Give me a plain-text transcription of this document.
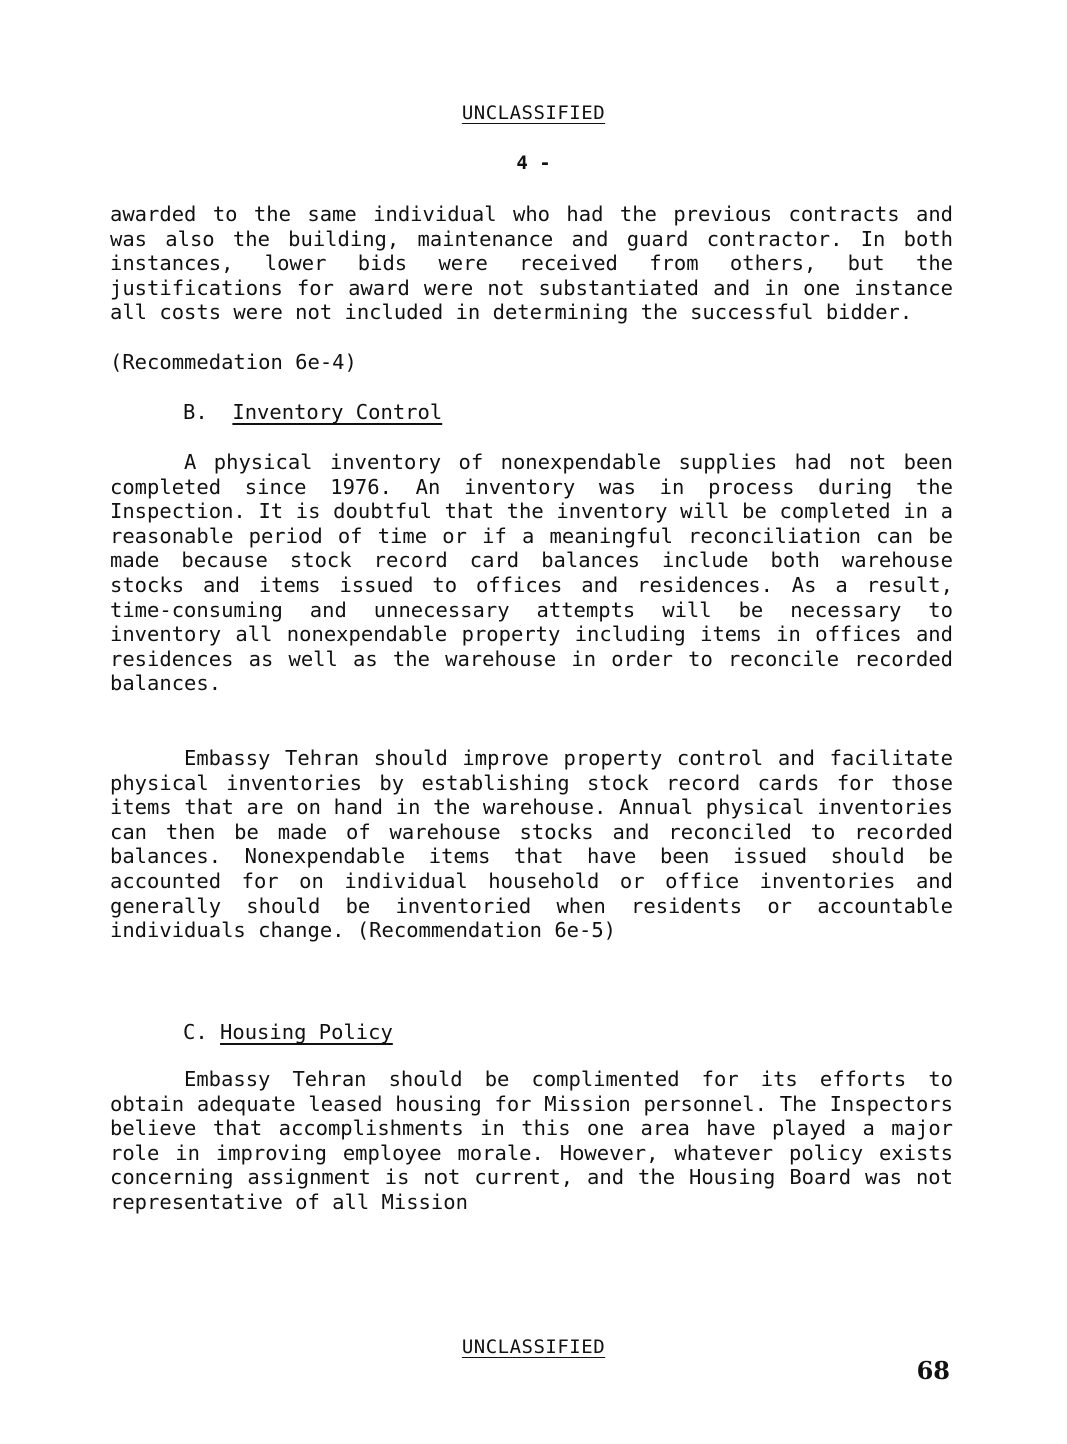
UNCLASSIFIED
4 -

awarded to the same individual who had the previous contracts and was also the building, maintenance and guard contractor. In both instances, lower bids were received from others, but the justifications for award were not substantiated and in one instance all costs were not included in determining the successful bidder.

(Recommedation 6e-4)

B. Inventory Control

A physical inventory of nonexpendable supplies had not been completed since 1976. An inventory was in process during the Inspection. It is doubtful that the inventory will be completed in a reasonable period of time or if a meaningful reconciliation can be made because stock record card balances include both warehouse stocks and items issued to offices and residences. As a result, time-consuming and unnecessary attempts will be necessary to inventory all nonexpendable property including items in offices and residences as well as the warehouse in order to reconcile recorded balances.

Embassy Tehran should improve property control and facilitate physical inventories by establishing stock record cards for those items that are on hand in the warehouse. Annual physical inventories can then be made of warehouse stocks and reconciled to recorded balances. Nonexpendable items that have been issued should be accounted for on individual household or office inventories and generally should be inventoried when residents or accountable individuals change. (Recommendation 6e-5)

C. Housing Policy

Embassy Tehran should be complimented for its efforts to obtain adequate leased housing for Mission personnel. The Inspectors believe that accomplishments in this one area have played a major role in improving employee morale. However, whatever policy exists concerning assignment is not current, and the Housing Board was not representative of all Mission

UNCLASSIFIED
68
